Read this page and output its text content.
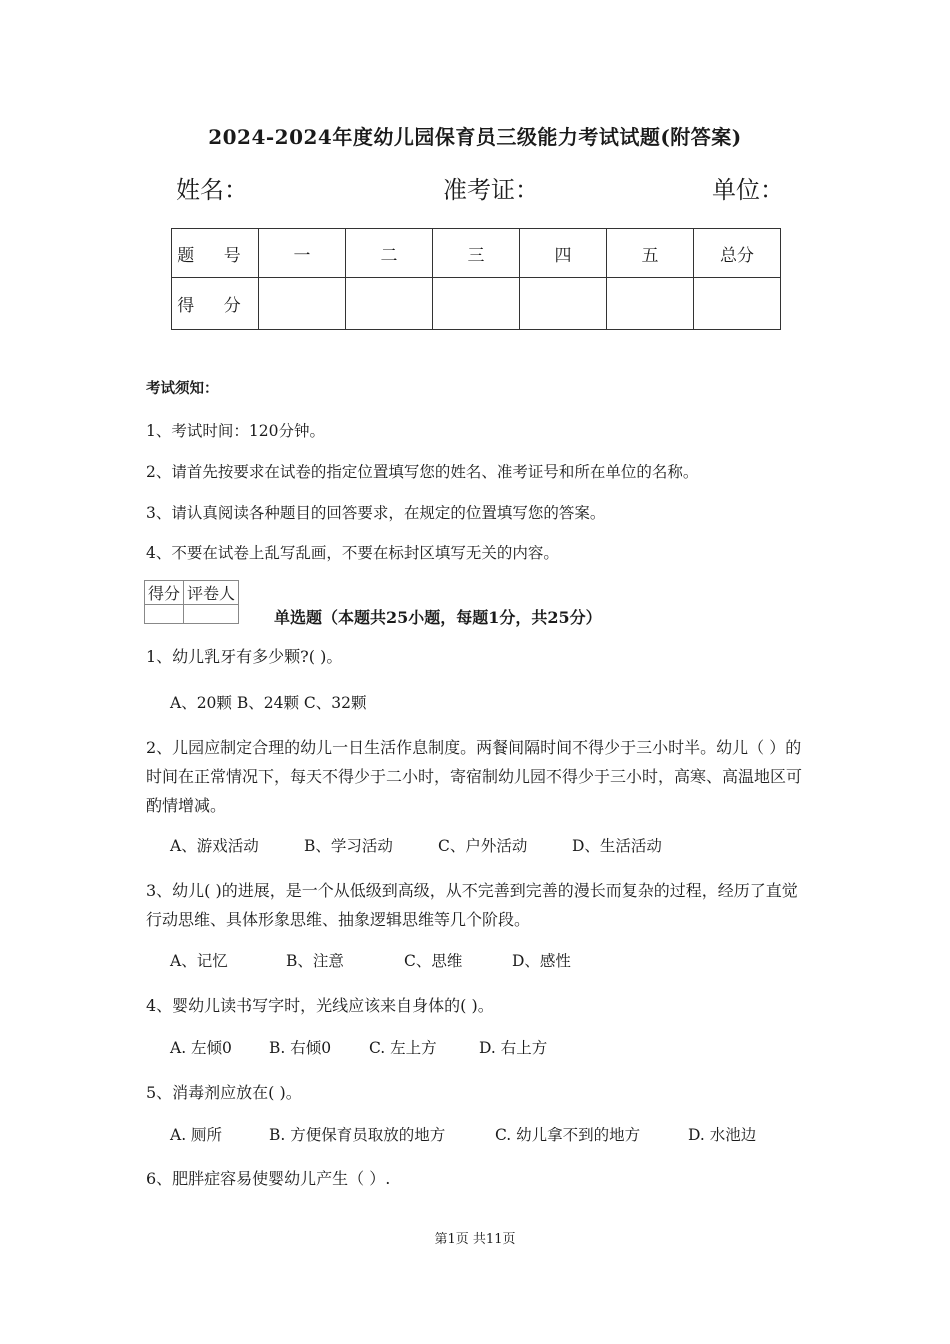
2024-2024年度幼儿园保育员三级能力考试试题(附答案)
姓名：	准考证：	单位：
题 号	一	二	三	四	五	总分
得 分						
考试须知：
1、考试时间：120分钟。
2、请首先按要求在试卷的指定位置填写您的姓名、准考证号和所在单位的名称。
3、请认真阅读各种题目的回答要求，在规定的位置填写您的答案。
4、不要在试卷上乱写乱画，不要在标封区填写无关的内容。
得分	评卷人

单选题（本题共25小题，每题1分，共25分）
1、幼儿乳牙有多少颗?( )。
A、20颗 B、24颗 C、32颗
2、儿园应制定合理的幼儿一日生活作息制度。两餐间隔时间不得少于三小时半。幼儿（ ）的时间在正常情况下，每天不得少于二小时，寄宿制幼儿园不得少于三小时，高寒、高温地区可酌情增减。
A、游戏活动	B、学习活动	C、户外活动	D、生活活动
3、幼儿( )的进展，是一个从低级到高级，从不完善到完善的漫长而复杂的过程，经历了直觉行动思维、具体形象思维、抽象逻辑思维等几个阶段。
A、记忆	B、注意	C、思维	D、感性
4、婴幼儿读书写字时，光线应该来自身体的( )。
A. 左倾0 B. 右倾0 C. 左上方	D. 右上方
5、消毒剂应放在( )。
A. 厕所	B. 方便保育员取放的地方	C. 幼儿拿不到的地方	D. 水池边
6、肥胖症容易使婴幼儿产生（ ）.
第1页 共11页
